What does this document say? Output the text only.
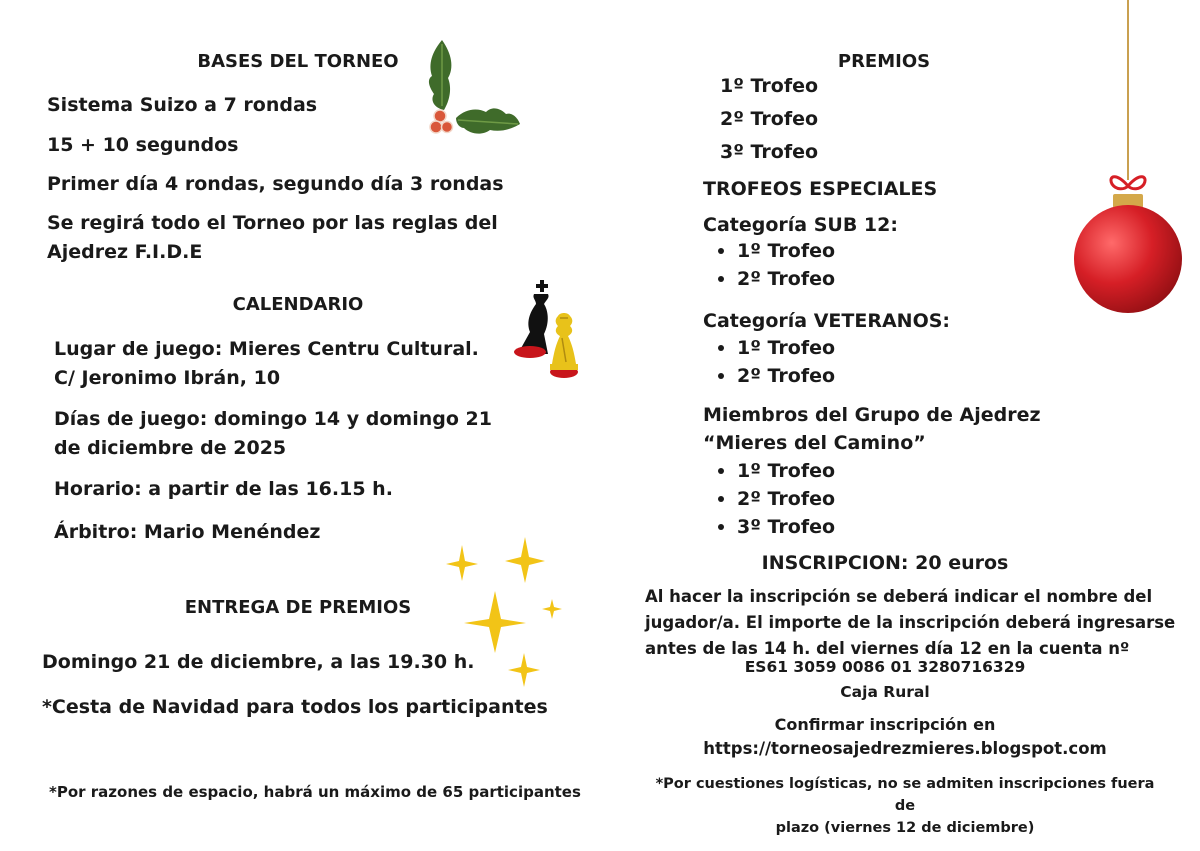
BASES DEL TORNEO
Sistema Suizo a 7 rondas
15 + 10 segundos
Primer día 4 rondas, segundo día 3 rondas
Se regirá todo el Torneo por las reglas del
Ajedrez F.I.D.E
CALENDARIO
Lugar de juego: Mieres Centru Cultural.
C/ Jeronimo Ibrán, 10
Días de juego: domingo 14 y domingo 21
de diciembre de 2025
Horario: a partir de las 16.15 h.
Árbitro: Mario Menéndez
ENTREGA DE PREMIOS
Domingo 21 de diciembre, a las 19.30 h.
*Cesta de Navidad para todos los participantes
*Por razones de espacio, habrá un máximo de 65 participantes
PREMIOS
1º Trofeo
2º Trofeo
3º Trofeo
TROFEOS ESPECIALES
Categoría SUB 12:
1º Trofeo
2º Trofeo
Categoría VETERANOS:
1º Trofeo
2º Trofeo
Miembros del Grupo de Ajedrez
“Mieres del Camino”
1º Trofeo
2º Trofeo
3º Trofeo
INSCRIPCION: 20 euros
Al hacer la inscripción se deberá indicar el nombre del
jugador/a. El importe de la inscripción deberá ingresarse
antes de las 14 h. del viernes día 12 en la cuenta nº
ES61 3059 0086 01 3280716329
Caja Rural
Confirmar inscripción en
https://torneosajedrezmieres.blogspot.com
*Por cuestiones logísticas, no se admiten inscripciones fuera de
plazo (viernes 12 de diciembre)
